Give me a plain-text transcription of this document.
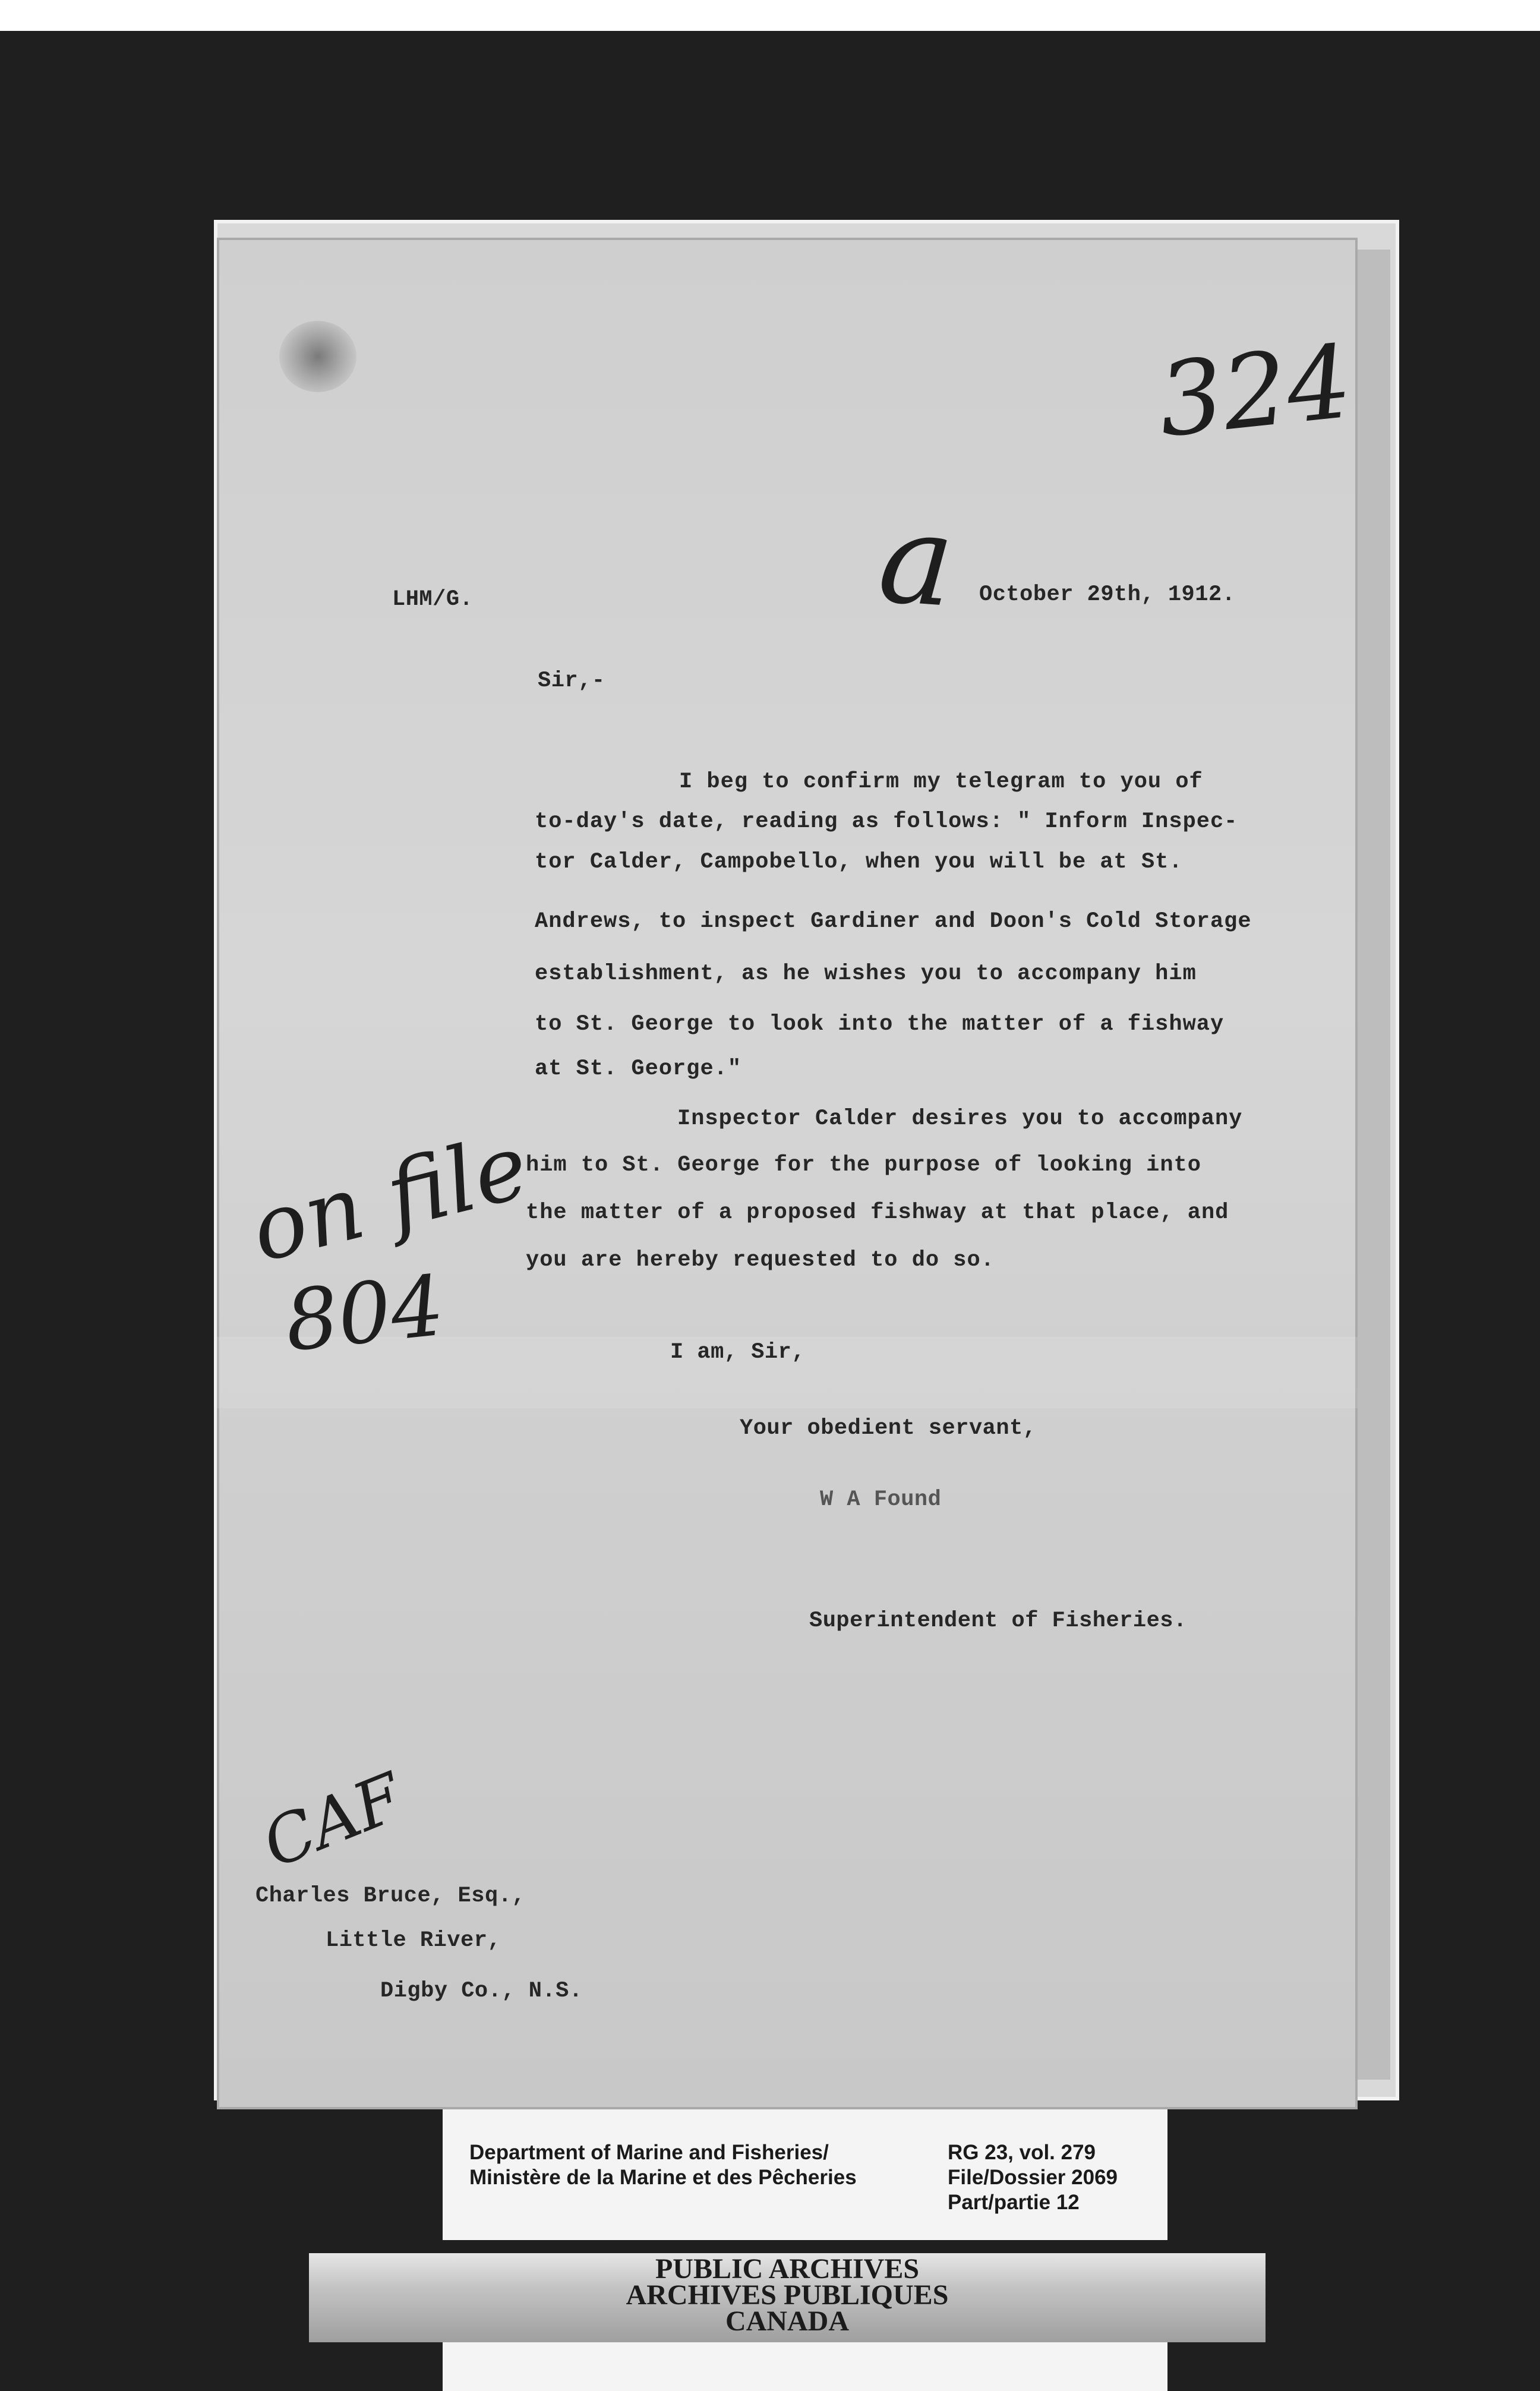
324
a
LHM/G.	October 29th, 1912.
Sir,-
I beg to confirm my telegram to you of
to-day's date, reading as follows: " Inform Inspec-
tor Calder, Campobello, when you will be at St.
Andrews, to inspect Gardiner and Doon's Cold Storage
establishment, as he wishes you to accompany him
to St. George to look into the matter of a fishway
at St. George."
Inspector Calder desires you to accompany
him to St. George for the purpose of looking into
the matter of a proposed fishway at that place, and
you are hereby requested to do so.
on file
804	I am, Sir,
Your obedient servant,
W A Found
Superintendent of Fisheries.
CAF
Charles Bruce, Esq.,
Little River,
Digby Co., N.S.
Department of Marine and Fisheries/
Ministère de la Marine et des Pêcheries
RG 23, vol. 279
File/Dossier 2069
Part/partie 12
PUBLIC ARCHIVES
ARCHIVES PUBLIQUES
CANADA
